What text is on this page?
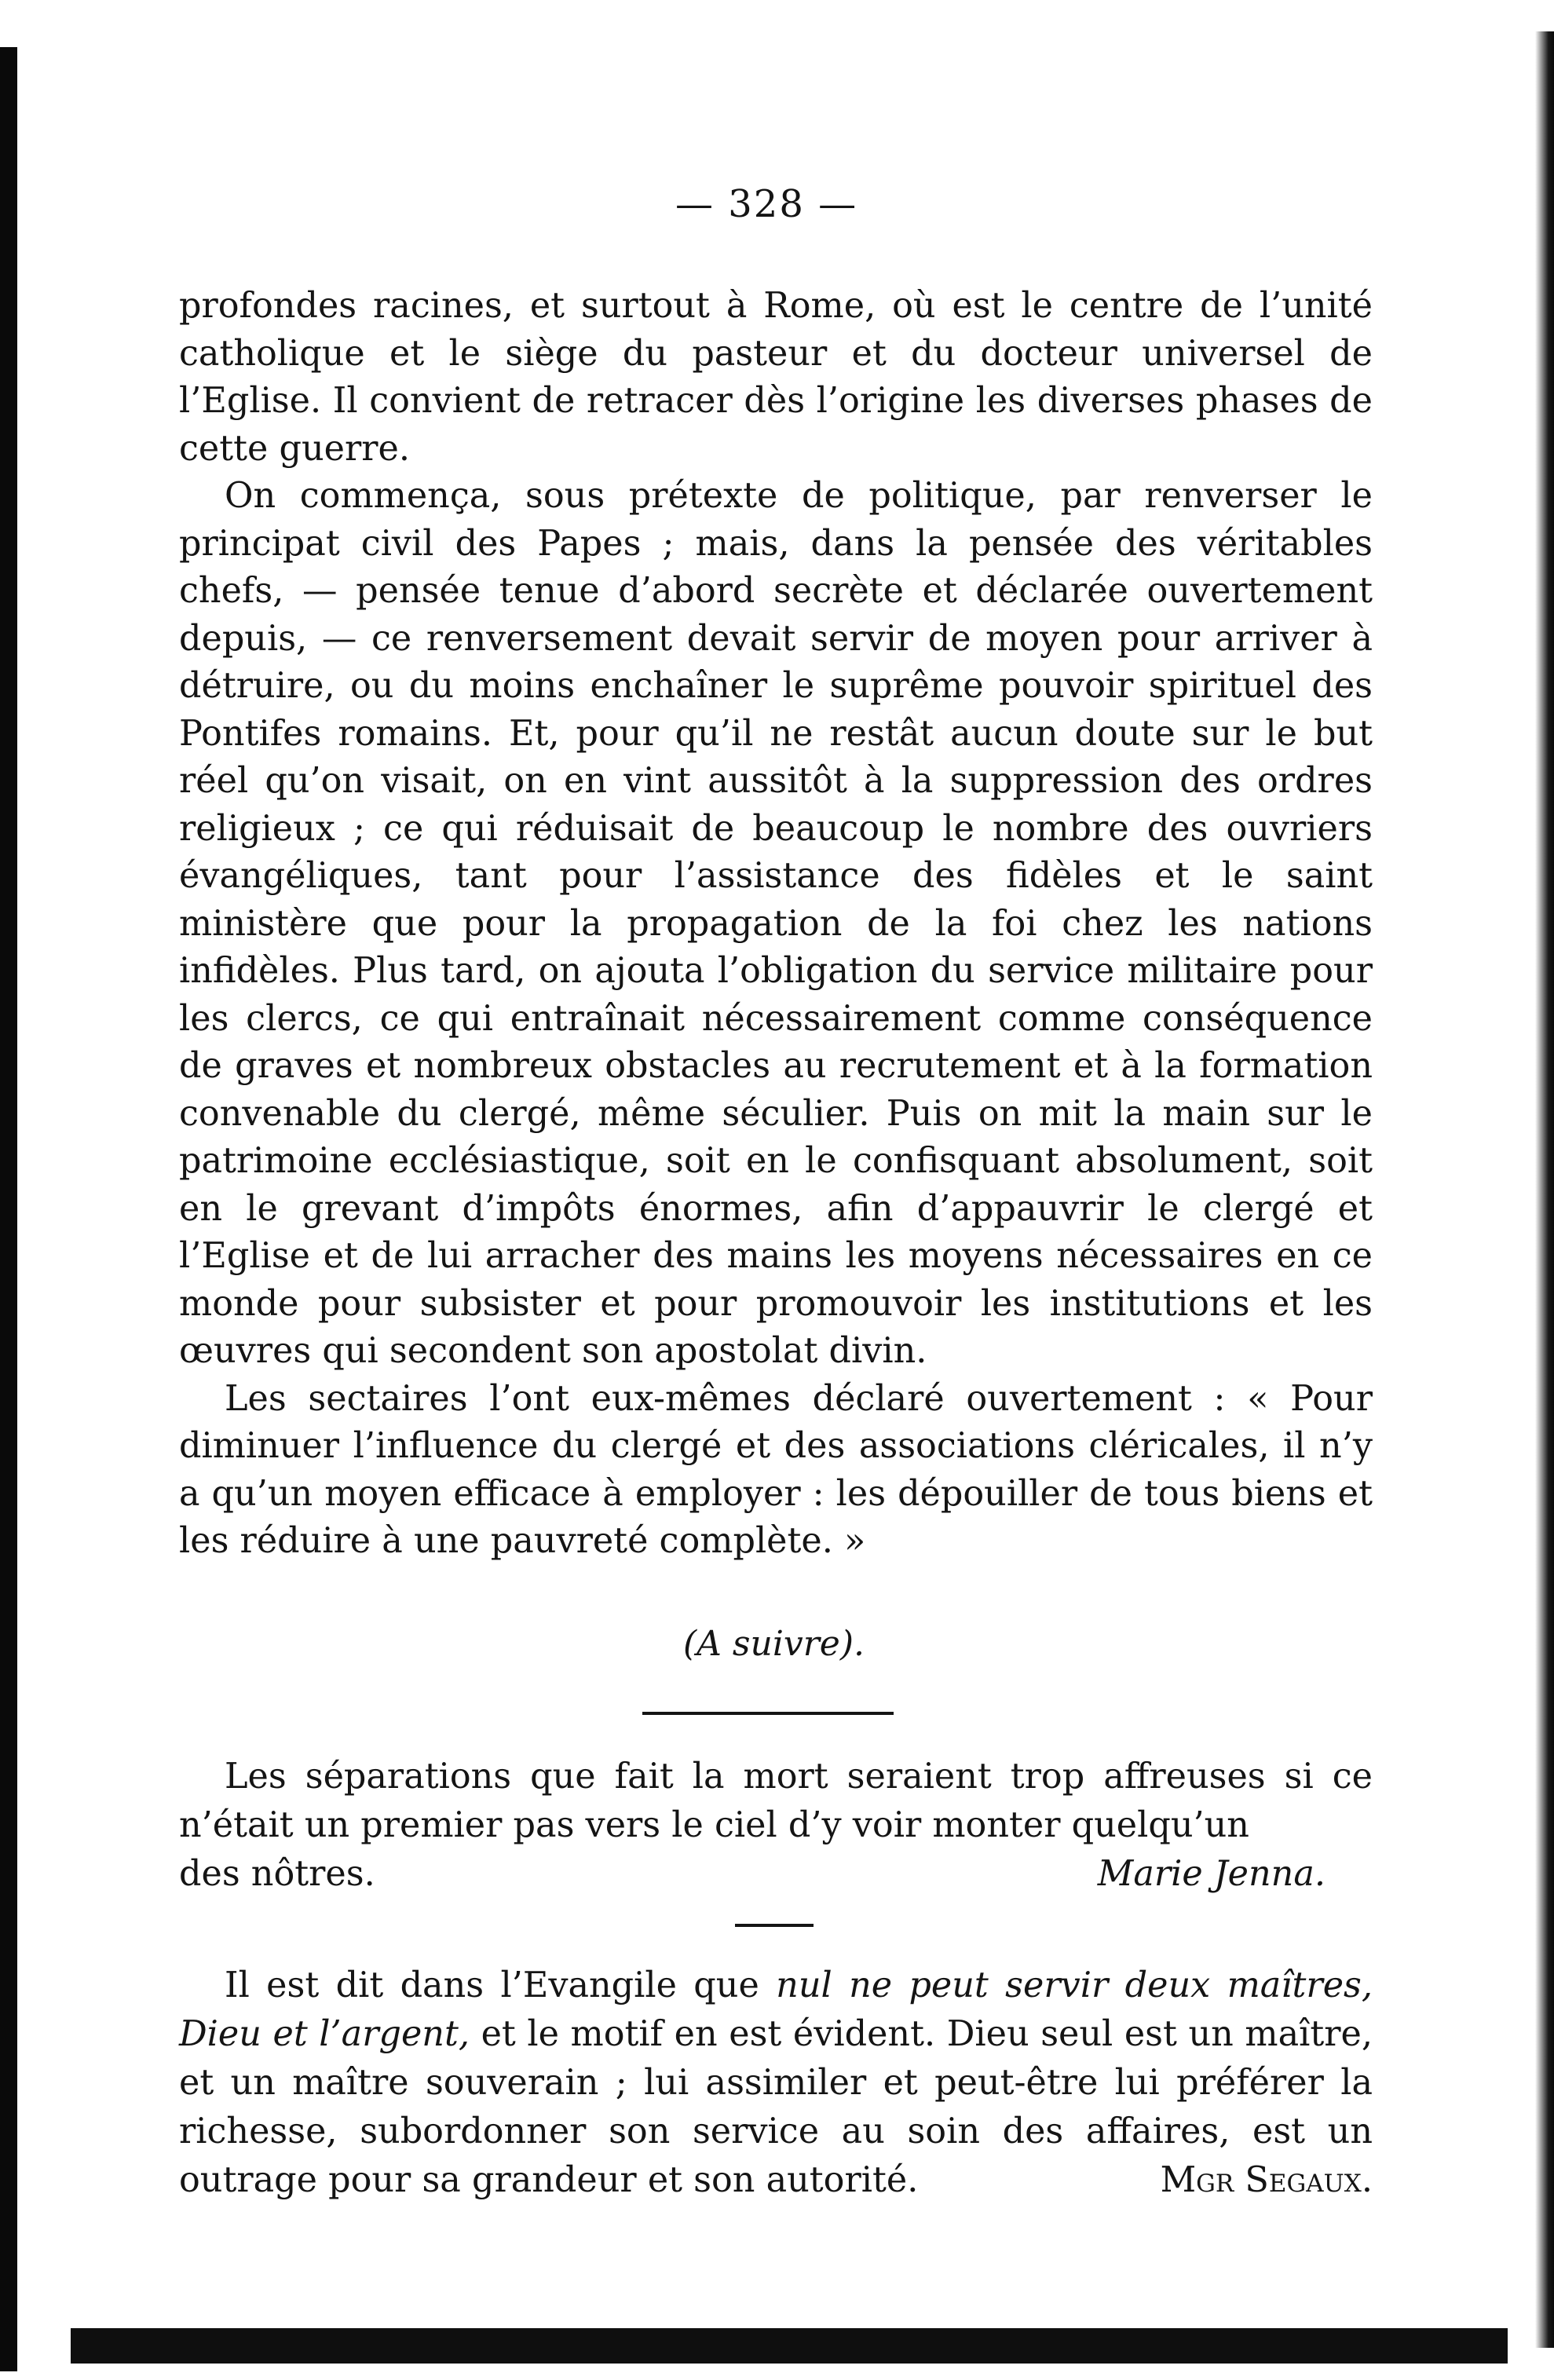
— 328 —

profondes racines, et surtout à Rome, où est le centre de l’unité catholique et le siège du pasteur et du docteur universel de l’Eglise. Il convient de retracer dès l’origine les diverses phases de cette guerre.

On commença, sous prétexte de politique, par renverser le principat civil des Papes ; mais, dans la pensée des véritables chefs, — pensée tenue d’abord secrète et déclarée ouvertement depuis, — ce renversement devait servir de moyen pour arriver à détruire, ou du moins enchaîner le suprême pouvoir spirituel des Pontifes romains. Et, pour qu’il ne restât aucun doute sur le but réel qu’on visait, on en vint aussitôt à la suppression des ordres religieux ; ce qui réduisait de beaucoup le nombre des ouvriers évangéliques, tant pour l’assistance des fidèles et le saint ministère que pour la propagation de la foi chez les nations infidèles. Plus tard, on ajouta l’obligation du service militaire pour les clercs, ce qui entraînait nécessairement comme conséquence de graves et nombreux obstacles au recrutement et à la formation convenable du clergé, même séculier. Puis on mit la main sur le patrimoine ecclésiastique, soit en le confisquant absolument, soit en le grevant d’impôts énormes, afin d’appauvrir le clergé et l’Eglise et de lui arracher des mains les moyens nécessaires en ce monde pour subsister et pour promouvoir les institutions et les œuvres qui secondent son apostolat divin.

Les sectaires l’ont eux-mêmes déclaré ouvertement : « Pour diminuer l’influence du clergé et des associations cléricales, il n’y a qu’un moyen efficace à employer : les dépouiller de tous biens et les réduire à une pauvreté complète. »

(A suivre).

Les séparations que fait la mort seraient trop affreuses si ce n’était un premier pas vers le ciel d’y voir monter quelqu’un

des nôtres.	Marie Jenna.

Il est dit dans l’Evangile que nul ne peut servir deux maîtres, Dieu et l’argent, et le motif en est évident. Dieu seul est un maître, et un maître souverain ; lui assimiler et peut-être lui préférer la richesse, subordonner son service au soin des affaires, est un outrage pour sa grandeur et son autorité.	Mgr Segaux.
